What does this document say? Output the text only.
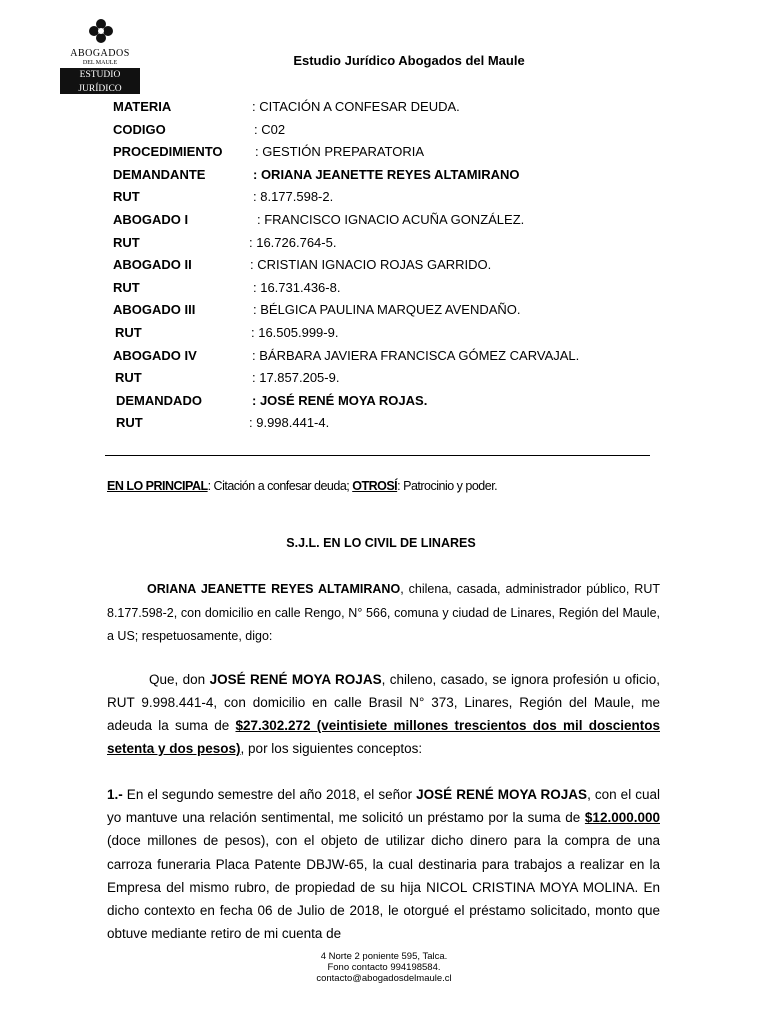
ABOGADOS
DEL MAULE
ESTUDIO JURÍDICO
&
Estudio Jurídico Abogados del Maule
MATERIA	: CITACIÓN A CONFESAR DEUDA.
CODIGO	: C02
PROCEDIMIENTO : GESTIÓN PREPARATORIA
DEMANDANTE	: ORIANA JEANETTE REYES ALTAMIRANO
RUT	: 8.177.598-2.
ABOGADO I	: FRANCISCO IGNACIO ACUÑA GONZÁLEZ.
RUT	: 16.726.764-5.
ABOGADO II	: CRISTIAN IGNACIO ROJAS GARRIDO.
RUT	: 16.731.436-8.
ABOGADO III	: BÉLGICA PAULINA MARQUEZ AVENDAÑO.
RUT	: 16.505.999-9.
ABOGADO IV	: BÁRBARA JAVIERA FRANCISCA GÓMEZ CARVAJAL.
RUT	: 17.857.205-9.
DEMANDADO	: JOSÉ RENÉ MOYA ROJAS.
RUT	: 9.998.441-4.
EN LO PRINCIPAL: Citación a confesar deuda; OTROSÍ: Patrocinio y poder.
S.J.L. EN LO CIVIL DE LINARES
ORIANA JEANETTE REYES ALTAMIRANO, chilena, casada, administrador público, RUT 8.177.598-2, con domicilio en calle Rengo, N° 566, comuna y ciudad de Linares, Región del Maule, a US; respetuosamente, digo:
Que, don JOSÉ RENÉ MOYA ROJAS, chileno, casado, se ignora profesión u oficio, RUT 9.998.441-4, con domicilio en calle Brasil N° 373, Linares, Región del Maule, me adeuda la suma de $27.302.272 (veintisiete millones trescientos dos mil doscientos setenta y dos pesos), por los siguientes conceptos:
1.- En el segundo semestre del año 2018, el señor JOSÉ RENÉ MOYA ROJAS, con el cual yo mantuve una relación sentimental, me solicitó un préstamo por la suma de $12.000.000 (doce millones de pesos), con el objeto de utilizar dicho dinero para la compra de una carroza funeraria Placa Patente DBJW-65, la cual destinaria para trabajos a realizar en la Empresa del mismo rubro, de propiedad de su hija NICOL CRISTINA MOYA MOLINA. En dicho contexto en fecha 06 de Julio de 2018, le otorgué el préstamo solicitado, monto que obtuve mediante retiro de mi cuenta de
4 Norte 2 poniente 595, Talca.
Fono contacto 994198584.
contacto@abogadosdelmaule.cl
